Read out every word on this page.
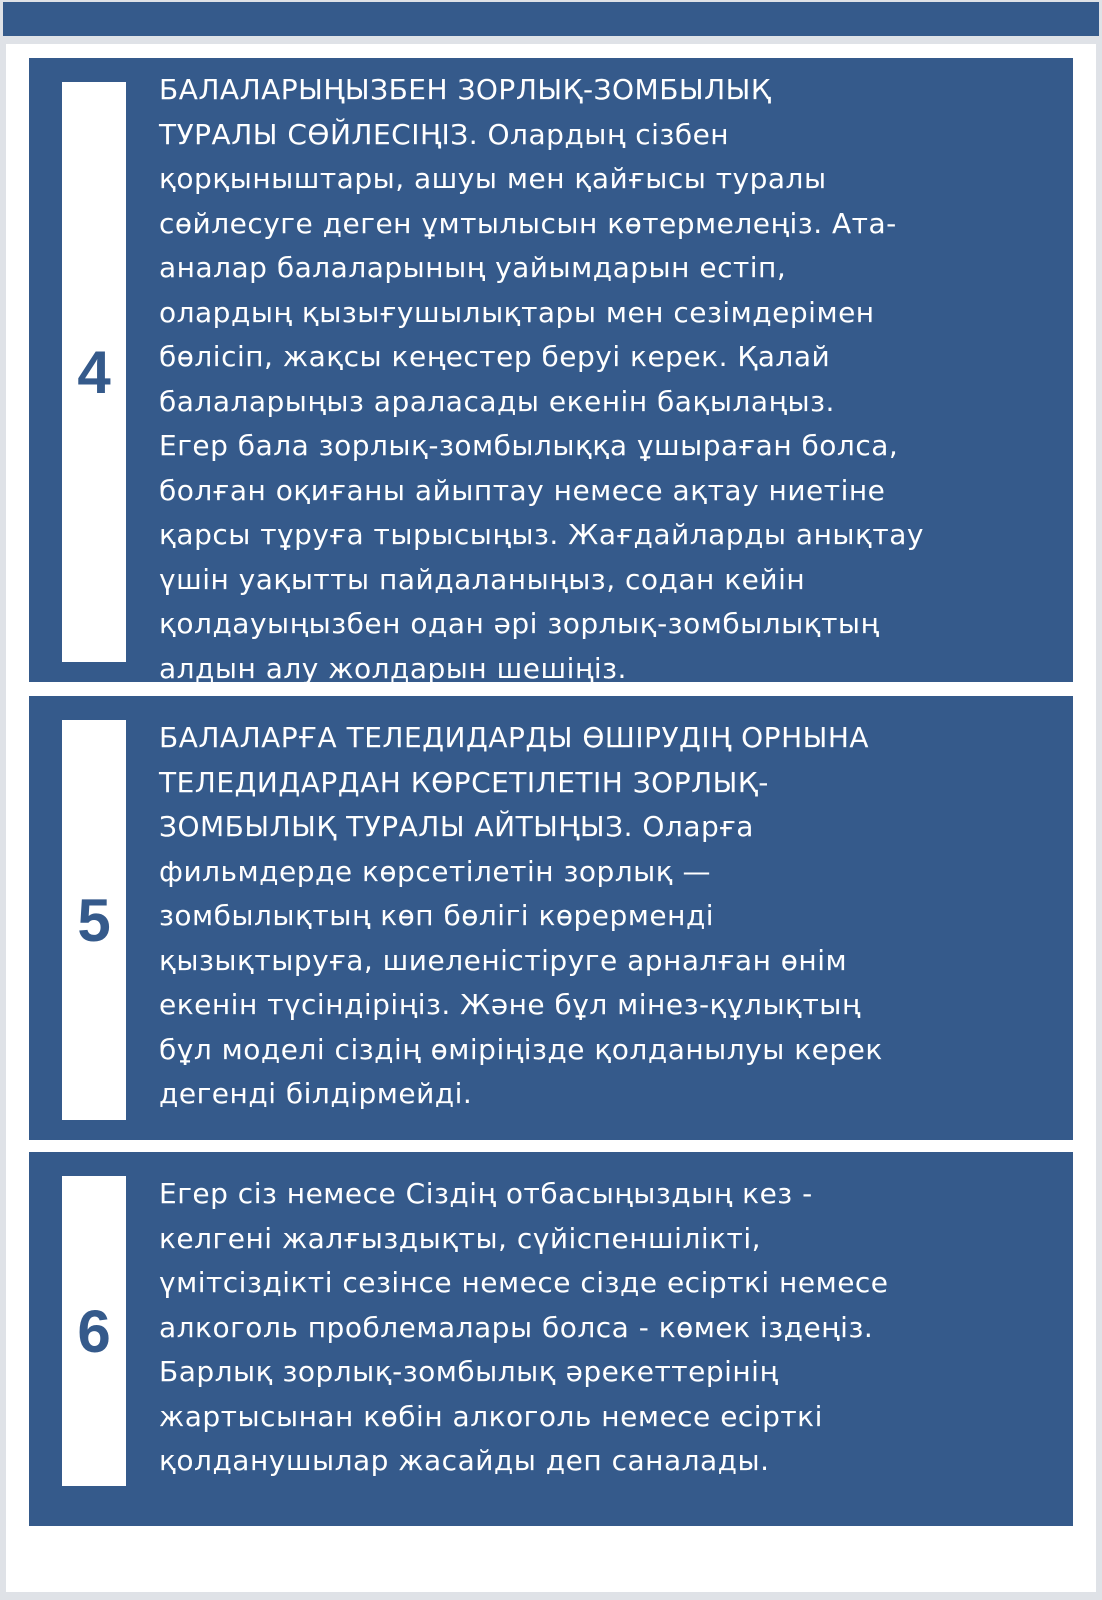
4

БАЛАЛАРЫҢЫЗБЕН ЗОРЛЫҚ-ЗОМБЫЛЫҚ
ТУРАЛЫ СӨЙЛЕСІҢІЗ. Олардың сізбен
қорқыныштары, ашуы мен қайғысы туралы
сөйлесуге деген ұмтылысын көтермелеңіз. Ата-
аналар балаларының уайымдарын естіп,
олардың қызығушылықтары мен сезімдерімен
бөлісіп, жақсы кеңестер беруі керек. Қалай
балаларыңыз араласады екенін бақылаңыз.
Егер бала зорлық-зомбылыққа ұшыраған болса,
болған оқиғаны айыптау немесе ақтау ниетіне
қарсы тұруға тырысыңыз. Жағдайларды анықтау
үшін уақытты пайдаланыңыз, содан кейін
қолдауыңызбен одан әрі зорлық-зомбылықтың
алдын алу жолдарын шешіңіз.

5

БАЛАЛАРҒА ТЕЛЕДИДАРДЫ ӨШІРУДІҢ ОРНЫНА
ТЕЛЕДИДАРДАН КӨРСЕТІЛЕТІН ЗОРЛЫҚ-
ЗОМБЫЛЫҚ ТУРАЛЫ АЙТЫҢЫЗ. Оларға
фильмдерде көрсетілетін зорлық —
зомбылықтың көп бөлігі көрерменді
қызықтыруға, шиеленістіруге арналған өнім
екенін түсіндіріңіз. Және бұл мінез-құлықтың
бұл моделі сіздің өміріңізде қолданылуы керек
дегенді білдірмейді.

6

Егер сіз немесе Сіздің отбасыңыздың кез -
келгені жалғыздықты, сүйіспеншілікті,
үмітсіздікті сезінсе немесе сізде есірткі немесе
алкоголь проблемалары болса - көмек іздеңіз.
Барлық зорлық-зомбылық әрекеттерінің
жартысынан көбін алкоголь немесе есірткі
қолданушылар жасайды деп саналады.
